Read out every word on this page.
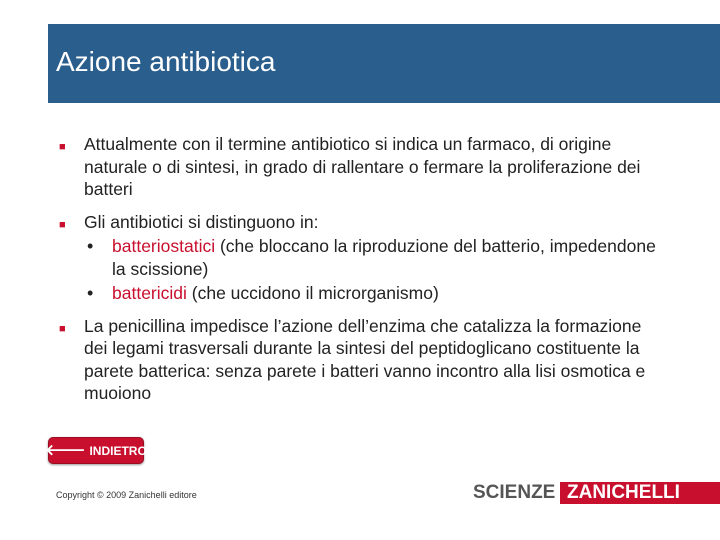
Azione antibiotica
■ Attualmente con il termine antibiotico si indica un farmaco, di origine naturale o di sintesi, in grado di rallentare o fermare la proliferazione dei batteri
■ Gli antibiotici si distinguono in:
• batteriostatici (che bloccano la riproduzione del batterio, impedendone la scissione)
• battericidi (che uccidono il microrganismo)
■ La penicillina impedisce l’azione dell’enzima che catalizza la formazione dei legami trasversali durante la sintesi del peptidoglicano costituente la parete batterica: senza parete i batteri vanno incontro alla lisi osmotica e muoiono
🡐 INDIETRO
Copyright © 2009 Zanichelli editore	SCIENZE ZANICHELLI
